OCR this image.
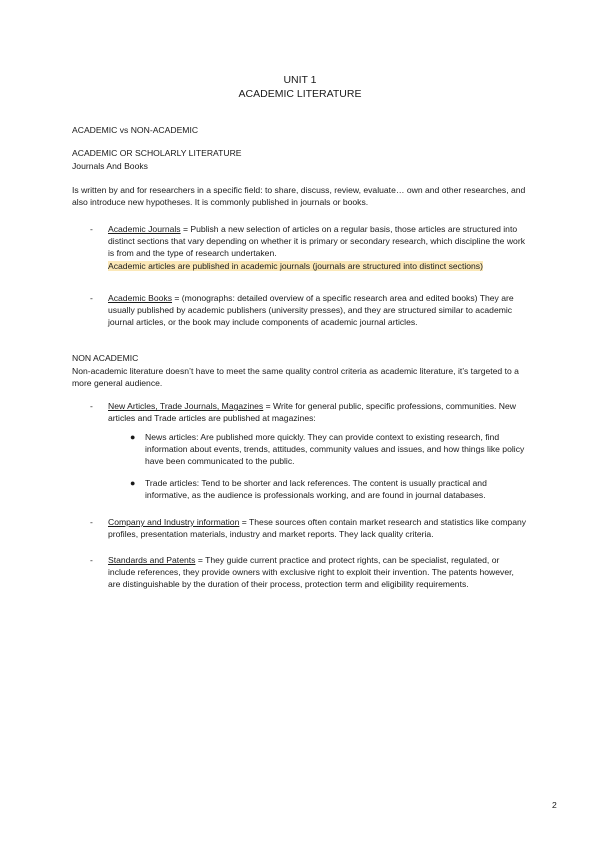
UNIT 1
ACADEMIC LITERATURE
ACADEMIC vs NON-ACADEMIC
ACADEMIC OR SCHOLARLY LITERATURE
Journals And Books
Is written by and for researchers in a specific field: to share, discuss, review, evaluate… own and other researches, and also introduce new hypotheses. It is commonly published in journals or books.
- Academic Journals = Publish a new selection of articles on a regular basis, those articles are structured into distinct sections that vary depending on whether it is primary or secondary research, which discipline the work is from and the type of research undertaken.
Academic articles are published in academic journals (journals are structured into distinct sections)
- Academic Books = (monographs: detailed overview of a specific research area and edited books) They are usually published by academic publishers (university presses), and they are structured similar to academic journal articles, or the book may include components of academic journal articles.
NON ACADEMIC
Non-academic literature doesn’t have to meet the same quality control criteria as academic literature, it’s targeted to a more general audience.
- New Articles, Trade Journals, Magazines = Write for general public, specific professions, communities. New articles and Trade articles are published at magazines:
● News articles: Are published more quickly. They can provide context to existing research, find information about events, trends, attitudes, community values and issues, and how things like policy have been communicated to the public.
● Trade articles: Tend to be shorter and lack references. The content is usually practical and informative, as the audience is professionals working, and are found in journal databases.
- Company and Industry information = These sources often contain market research and statistics like company profiles, presentation materials, industry and market reports. They lack quality criteria.
- Standards and Patents = They guide current practice and protect rights, can be specialist, regulated, or include references, they provide owners with exclusive right to exploit their invention. The patents however, are distinguishable by the duration of their process, protection term and eligibility requirements.
2
